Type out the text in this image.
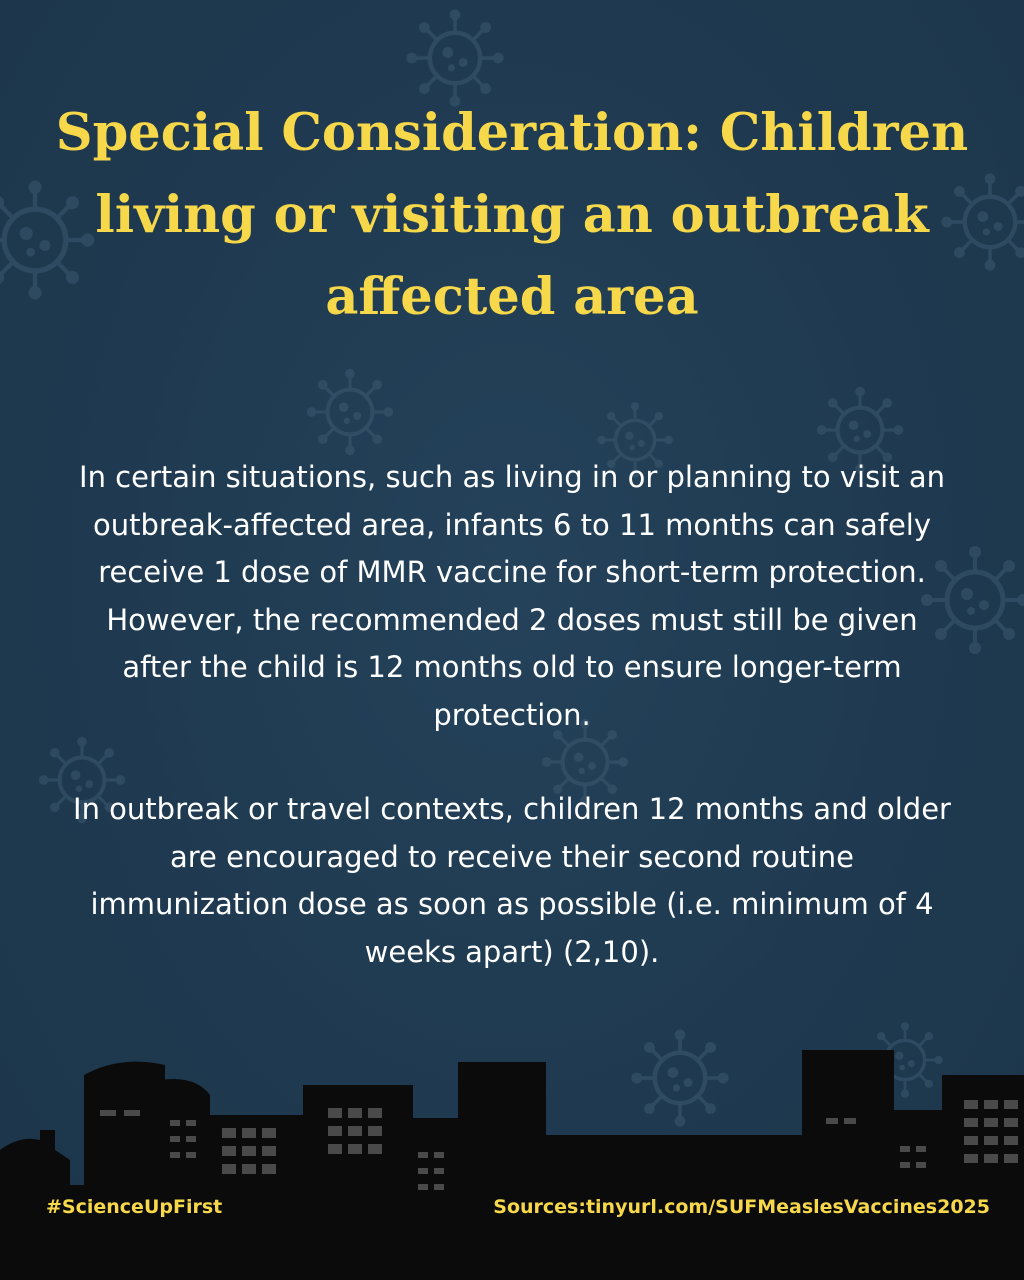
Special Consideration: Children living or visiting an outbreak affected area

In certain situations, such as living in or planning to visit an outbreak-affected area, infants 6 to 11 months can safely receive 1 dose of MMR vaccine for short-term protection. However, the recommended 2 doses must still be given after the child is 12 months old to ensure longer-term protection.

In outbreak or travel contexts, children 12 months and older are encouraged to receive their second routine immunization dose as soon as possible (i.e. minimum of 4 weeks apart) (2,10).

#ScienceUpFirst	Sources:tinyurl.com/SUFMeaslesVaccines2025
